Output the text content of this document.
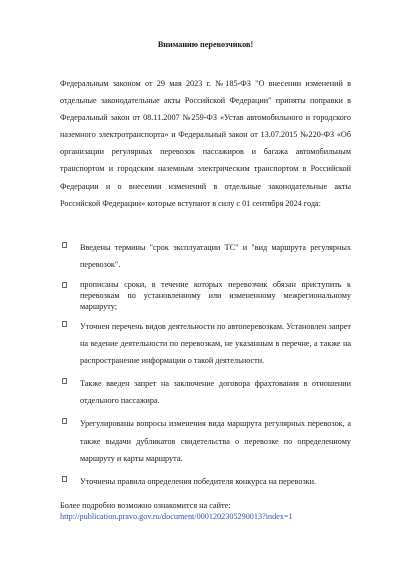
Вниманию перевозчиков!

Федеральным законом от 29 мая 2023 г. №185-ФЗ "О внесении изменений в отдельные законодательные акты Российской Федерации" приняты поправки в Федеральный закон от 08.11.2007 №259-ФЗ «Устав автомобильного и городского наземного электротранспорта» и Федеральный закон от 13.07.2015 №220-ФЗ «Об организации регулярных перевозок пассажиров и багажа автомобильным транспортом и городским наземным электрическим транспортом в Российской Федерации и о внесении изменений в отдельные законодательные акты Российской Федерации» которые вступают в силу с 01 сентября 2024 года:

Введены термины "срок эксплуатации ТС" и "вид маршрута регулярных перевозок".
прописаны сроки, в течение которых перевозчик обязан приступить к перевозкам по установленному или измененному межрегиональному маршруту;
Уточнен перечень видов деятельности по автоперевозкам. Установлен запрет на ведение деятельности по перевозкам, не указанным в перечне, а также на распространение информации о такой деятельности.
Также введен запрет на заключение договора фрахтования в отношении отдельного пассажира.
Урегулированы вопросы изменения вида маршрута регулярных перевозок, а также выдачи дубликатов свидетельства о перевозке по определенному маршруту и карты маршрута.
Уточнены правила определения победителя конкурса на перевозки.
Более подробно возможно ознакомится на сайте:
http://publication.pravo.gov.ru/document/0001202305290013?index=1
